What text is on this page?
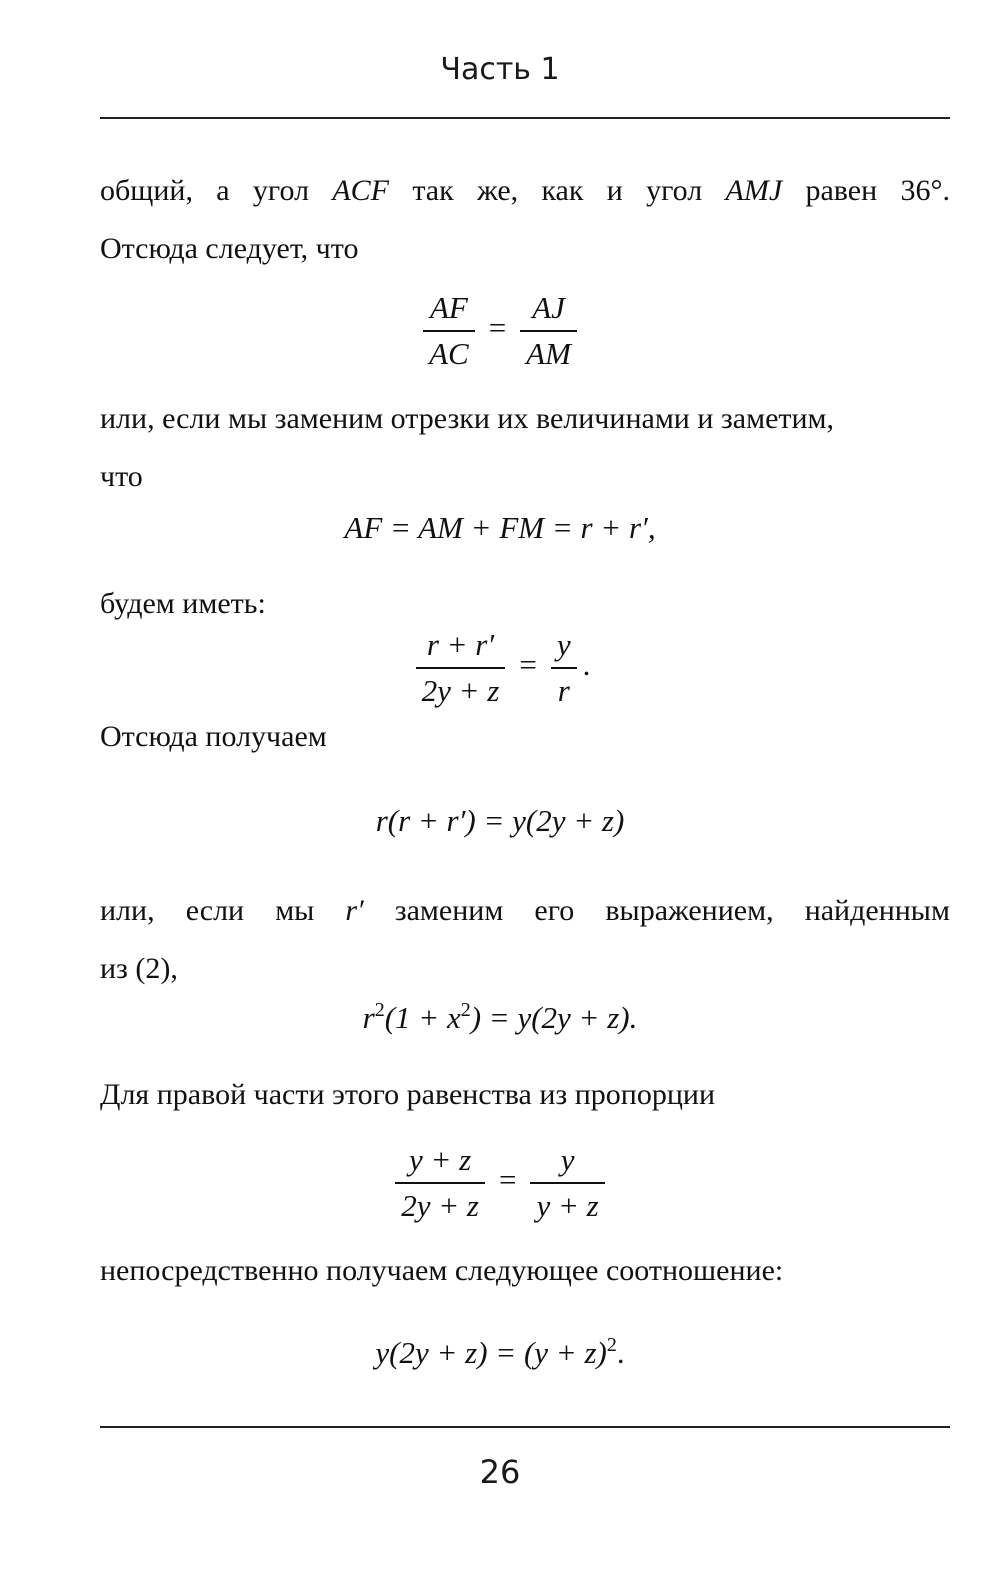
Часть 1
общий, а угол ACF так же, как и угол AMJ равен 36°.
Отсюда следует, что
$\frac{AF}{AC} = \frac{AJ}{AM}$
или, если мы заменим отрезки их величинами и заметим,
что
AF = AM + FM = r + r′,
будем иметь:
$\frac{r + r'}{2y + z} = \frac{y}{r}$ .
Отсюда получаем
r(r + r′) = y(2y + z)
или, если мы r′ заменим его выражением, найденным
из (2),
$r^2(1 + x^2) = y(2y + z)$.
Для правой части этого равенства из пропорции
$\frac{y + z}{2y + z} = \frac{y}{y + z}$
непосредственно получаем следующее соотношение:
$y(2y + z) = (y + z)^2$.
26
